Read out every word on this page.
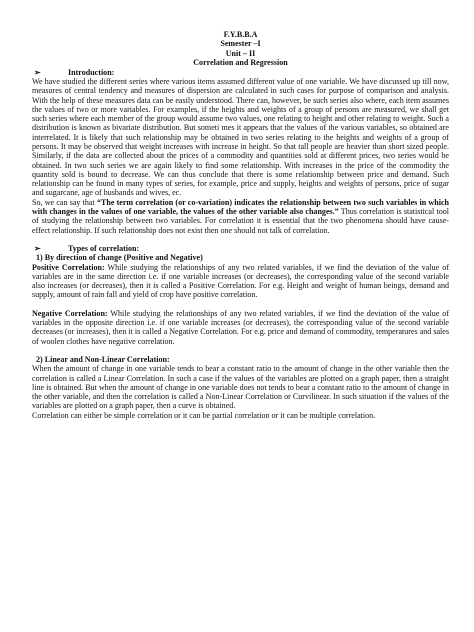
F.Y.B.B.A
Semester –I
Unit – II
Correlation and Regression
➢	Introduction:

We have studied the different series where various items assumed different value of one variable. We have discussed up till now, measures of central tendency and measures of dispersion are calculated in such cases for purpose of comparison and analysis. With the help of these measures data can be easily understood. There can, however, be such series also where, each item assumes the values of two or more variables. For examples, if the heights and weights of a group of persons are measured, we shall get such series where each member of the group would assume two values, one relating to height and other relating to weight. Such a distribution is known as bivariate distribution. But someti mes it appears that the values of the various variables, so obtained are interrelated. It is likely that such relationship may be obtained in two series relating to the heights and weights of a group of persons. It may be observed that weight increases with increase in height. So that tall people are heavier than short sized people. Similarly, if the data are collected about the prices of a commodity and quantities sold at different prices, two series would be obtained. In two such series we are again likely to find some relationship. With increases in the price of the commodity the quantity sold is bound to decrease. We can thus conclude that there is some relationship between price and demand. Such relationship can be found in many types of series, for example, price and supply, heights and weights of persons, price of sugar and sugarcane, age of husbands and wives, ec.

So, we can say that “The term correlation (or co-variation) indicates the relationship between two such variables in which with changes in the values of one variable, the values of the other variable also changes.” Thus correlation is statistical tool of studying the relationship between two variables. For correlation it is essential that the two phenomena should have cause-effect relationship. If such relationship does not exist then one should not talk of correlation.

➢	Types of correlation:
1) By direction of change (Positive and Negative)

Positive Correlation: While studying the relationships of any two related variables, if we find the deviation of the value of variables are in the same direction i.e. if one variable increases (or decreases), the corresponding value of the second variable also increases (or decreases), then it is called a Positive Correlation. For e.g. Height and weight of human beings, demand and supply, amount of rain fall and yield of crop have positive correlation.

Negative Correlation: While studying the relationships of any two related variables, if we find the deviation of the value of variables in the opposite direction i.e. if one variable increases (or decreases), the corresponding value of the second variable decreases (or increases), then it is called a Negative Correlation. For e.g. price and demand of commodity, temperatures and sales of woolen clothes have negative correlation.

2) Linear and Non-Linear Correlation:

When the amount of change in one variable tends to bear a constant ratio to the amount of change in the other variable then the correlation is called a Linear Correlation. In such a case if the values of the variables are plotted on a graph paper, then a straight line is obtained. But when the amount of change in one variable does not tends to bear a constant ratio to the amount of change in the other variable, and then the correlation is called a Non-Linear Correlation or Curvilinear. In such situation if the values of the variables are plotted on a graph paper, then a curve is obtained.

Correlation can either be simple correlation or it can be partial correlation or it can be multiple correlation.
